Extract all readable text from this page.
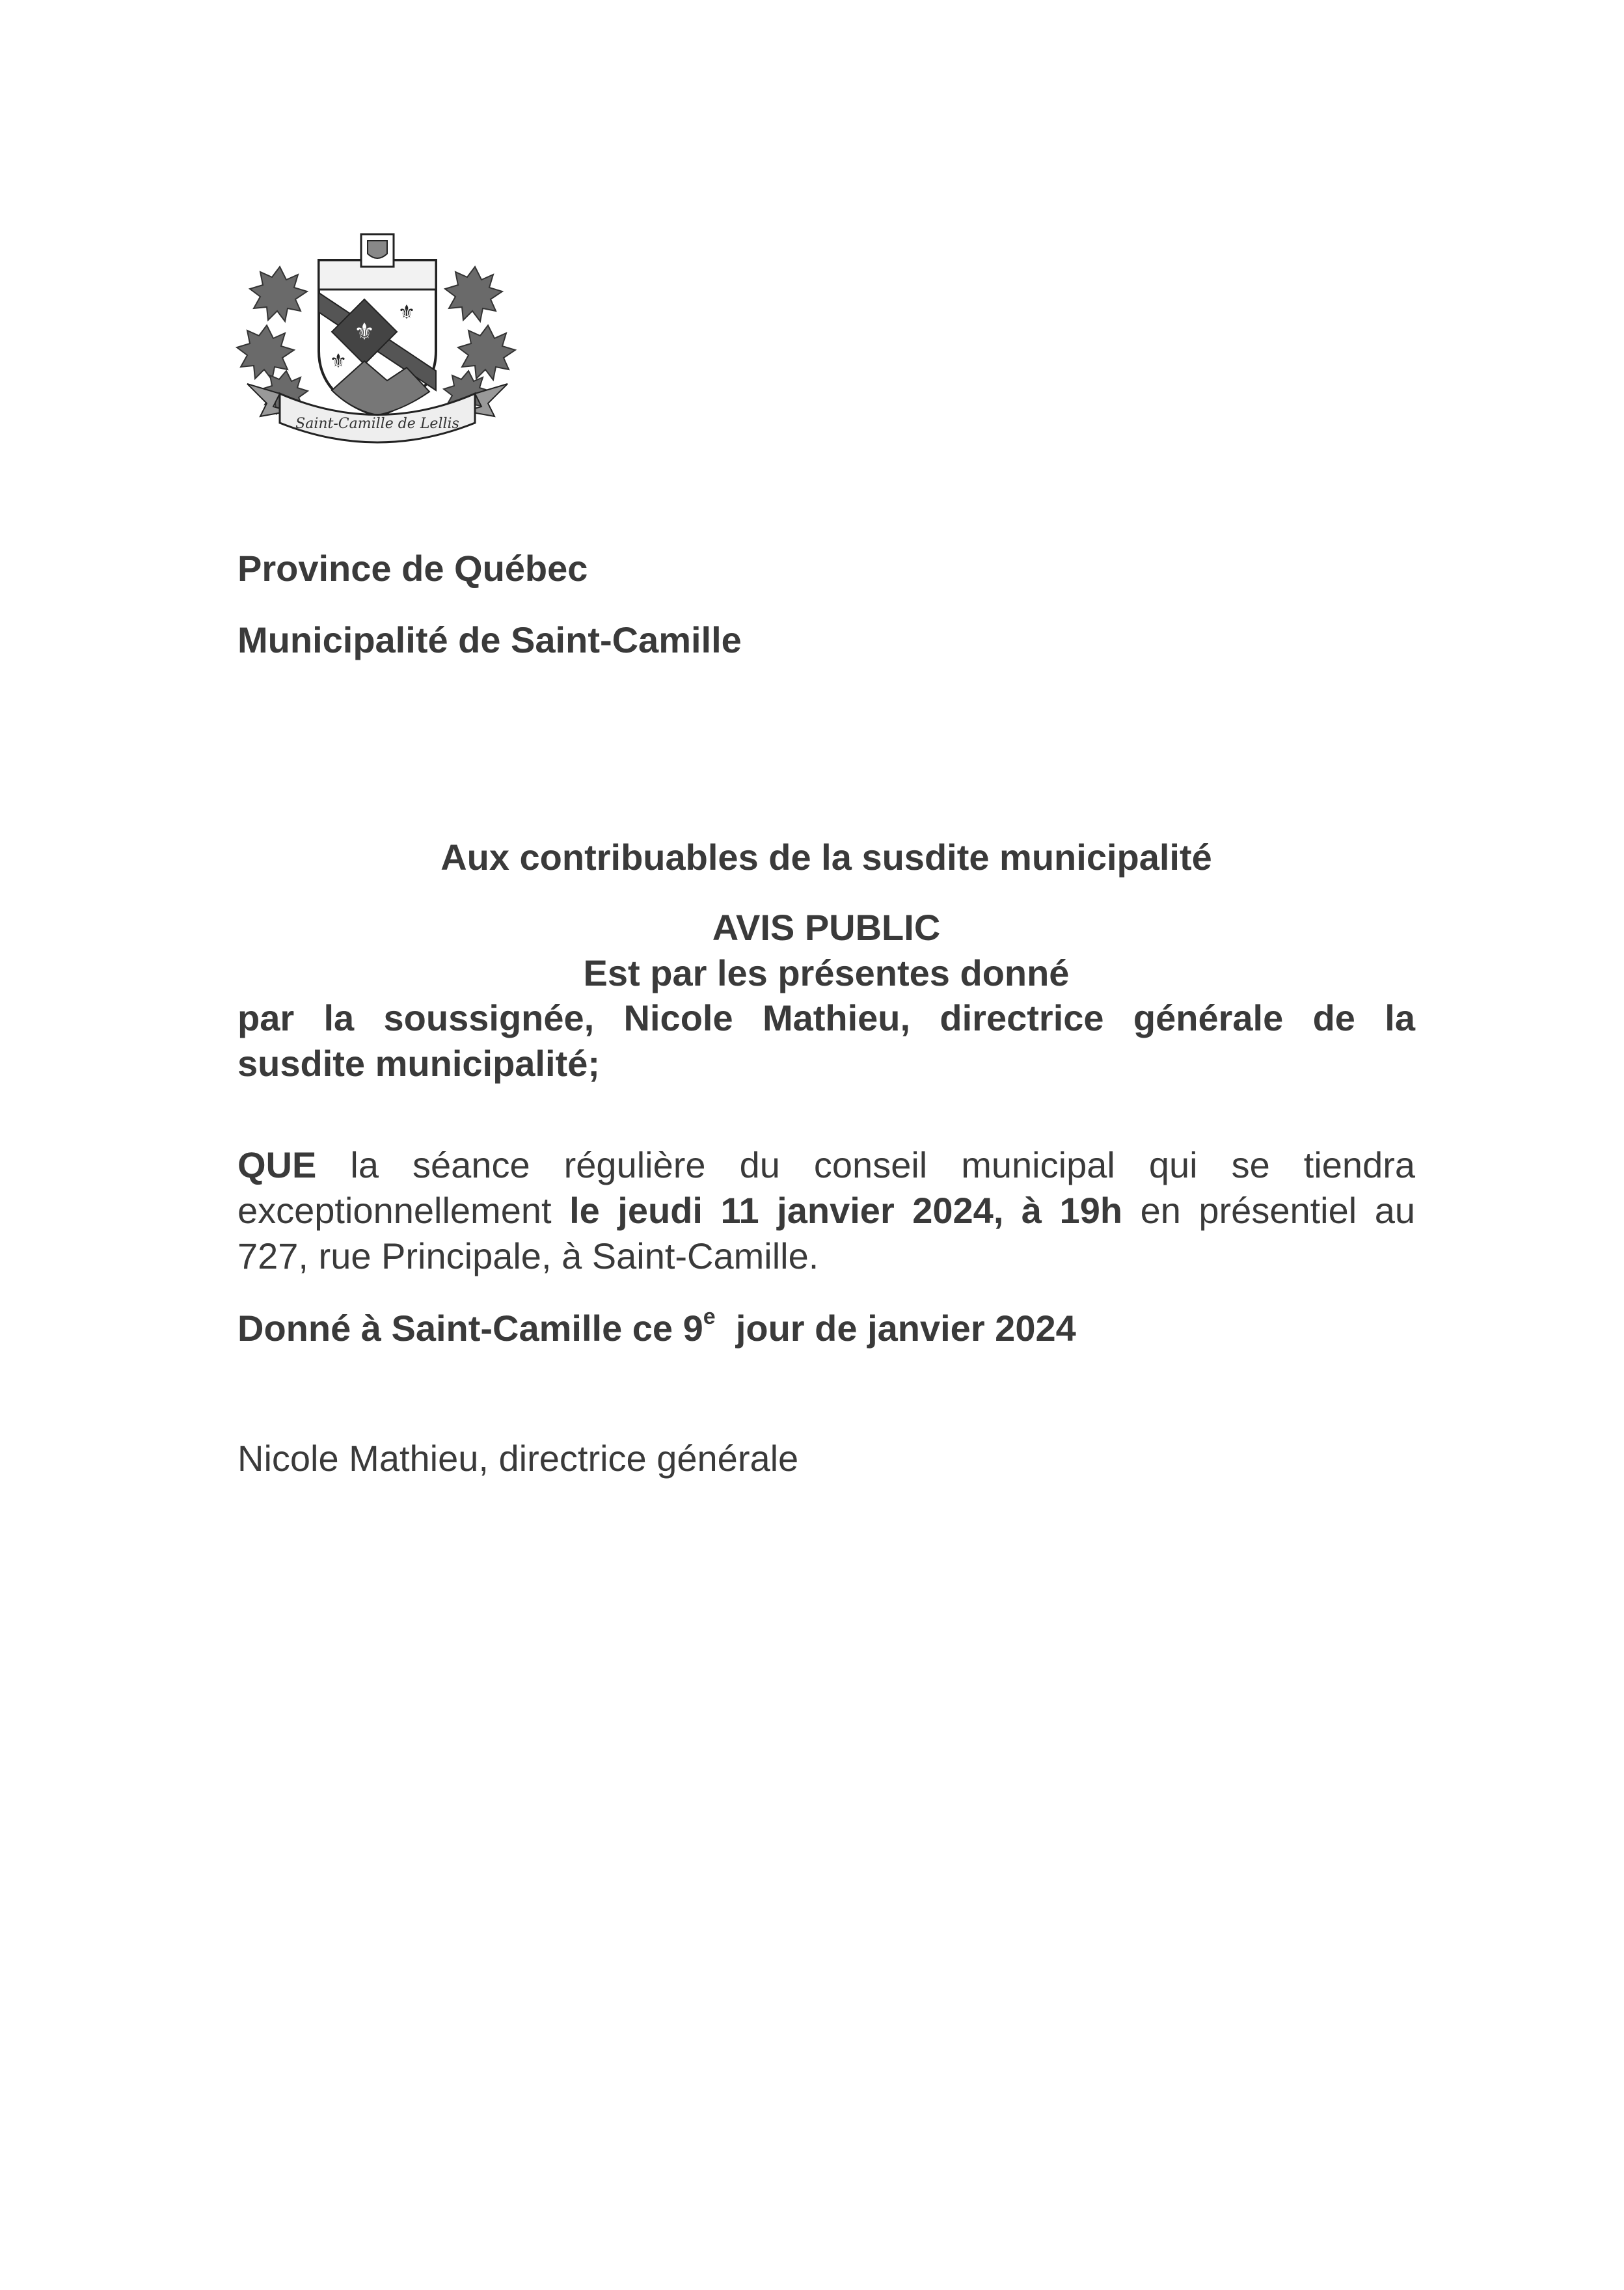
⚜
⚜
⚜
Saint-Camille de Lellis
Province de Québec
Municipalité de Saint-Camille
Aux contribuables de la susdite municipalité
AVIS PUBLIC
Est par les présentes donné
par la soussignée, Nicole Mathieu, directrice générale de la
susdite municipalité;
QUE la séance régulière du conseil municipal qui se tiendra
exceptionnellement le jeudi 11 janvier 2024, à 19h en présentiel au
727, rue Principale, à Saint-Camille.
Donné à Saint-Camille ce 9e jour de janvier 2024
Nicole Mathieu, directrice générale
